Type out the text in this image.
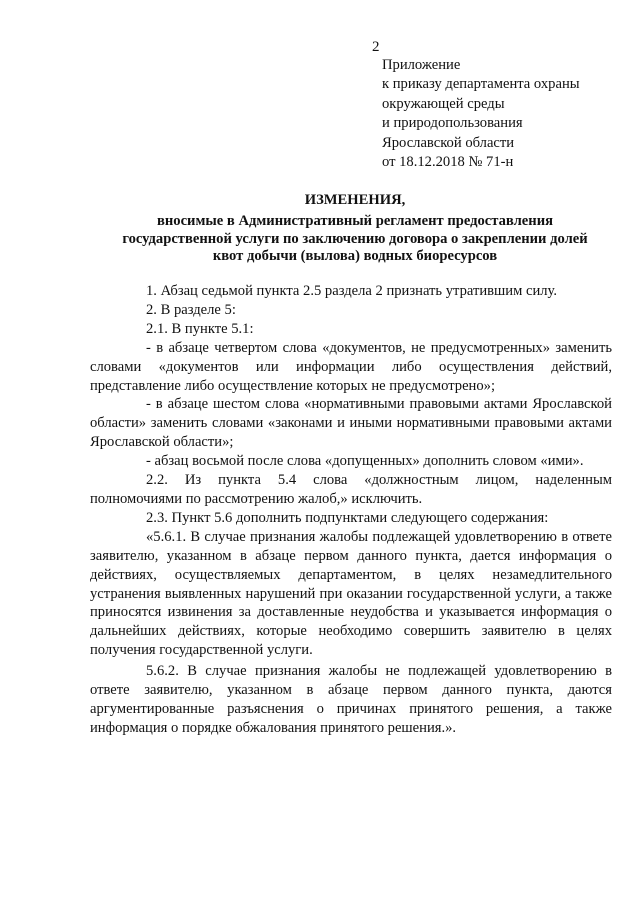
2
Приложение
к приказу департамента охраны
окружающей среды
и природопользования
Ярославской области
от 18.12.2018 № 71-н
ИЗМЕНЕНИЯ,
вносимые в Административный регламент предоставления
государственной услуги по заключению договора о закреплении долей
квот добычи (вылова) водных биоресурсов

1. Абзац седьмой пункта 2.5 раздела 2 признать утратившим силу.

2. В разделе 5:

2.1. В пункте 5.1:

- в абзаце четвертом слова «документов, не предусмотренных» заменить словами «документов или информации либо осуществления действий, представление либо осуществление которых не предусмотрено»;

- в абзаце шестом слова «нормативными правовыми актами Ярославской области» заменить словами «законами и иными нормативными правовыми актами Ярославской области»;

- абзац восьмой после слова «допущенных» дополнить словом «ими».

2.2. Из пункта 5.4 слова «должностным лицом, наделенным полномочиями по рассмотрению жалоб,» исключить.

2.3. Пункт 5.6 дополнить подпунктами следующего содержания:

«5.6.1. В случае признания жалобы подлежащей удовлетворению в ответе заявителю, указанном в абзаце первом данного пункта, дается информация о действиях, осуществляемых департаментом, в целях незамедлительного устранения выявленных нарушений при оказании государственной услуги, а также приносятся извинения за доставленные неудобства и указывается информация о дальнейших действиях, которые необходимо совершить заявителю в целях получения государственной услуги.

5.6.2. В случае признания жалобы не подлежащей удовлетворению в ответе заявителю, указанном в абзаце первом данного пункта, даются аргументированные разъяснения о причинах принятого решения, а также информация о порядке обжалования принятого решения.».
